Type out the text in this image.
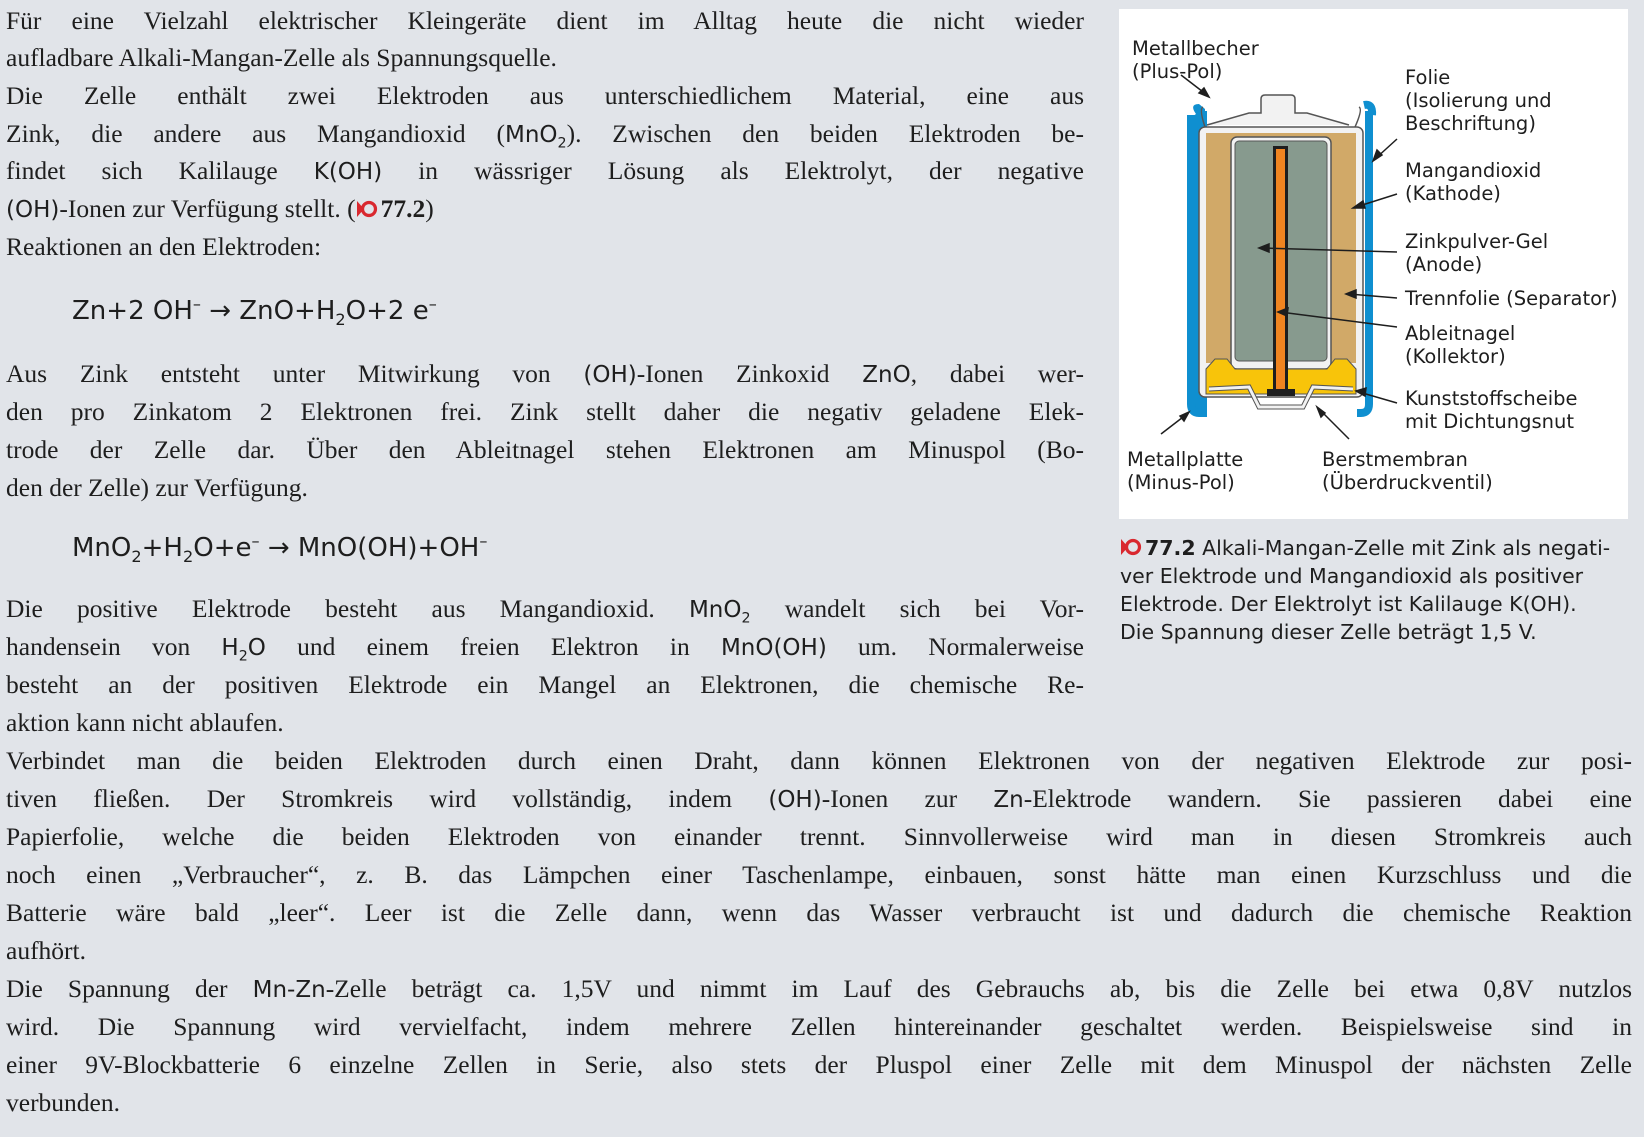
Für eine Vielzahl elektrischer Kleingeräte dient im Alltag heute die nicht wieder
aufladbare Alkali-Mangan-Zelle als Spannungsquelle.
Die Zelle enthält zwei Elektroden aus unterschiedlichem Material, eine aus
Zink, die andere aus Mangandioxid (MnO$_2$). Zwischen den beiden Elektroden be-
findet sich Kalilauge K(OH) in wässriger Lösung als Elektrolyt, der negative
(OH)-Ionen zur Verfügung stellt. ( 77.2)
Reaktionen an den Elektroden:
Zn+2 $OH^- \to ZnO+H_2O+2$ e–
Aus Zink entsteht unter Mitwirkung von (OH)-Ionen Zinkoxid ZnO, dabei wer-
den pro Zinkatom 2 Elektronen frei. Zink stellt daher die negativ geladene Elek-
trode der Zelle dar. Über den Ableitnagel stehen Elektronen am Minuspol (Bo-
den der Zelle) zur Verfügung.
$MnO_2+H_2O+e^- \to MnO(OH)+OH^-$
Die positive Elektrode besteht aus Mangandioxid. MnO$_2$ wandelt sich bei Vor-
handensein von $H_2O$ und einem freien Elektron in MnO(OH) um. Normalerweise
besteht an der positiven Elektrode ein Mangel an Elektronen, die chemische Re-
aktion kann nicht ablaufen.
Verbindet man die beiden Elektroden durch einen Draht, dann können Elektronen von der negativen Elektrode zur posi-
tiven fließen. Der Stromkreis wird vollständig, indem (OH)-Ionen zur Zn-Elektrode wandern. Sie passieren dabei eine
Papierfolie, welche die beiden Elektroden von einander trennt. Sinnvollerweise wird man in diesen Stromkreis auch
noch einen „Verbraucher“, z. B. das Lämpchen einer Taschenlampe, einbauen, sonst hätte man einen Kurzschluss und die
Batterie wäre bald „leer“. Leer ist die Zelle dann, wenn das Wasser verbraucht ist und dadurch die chemische Reaktion
aufhört.
Die Spannung der Mn-Zn-Zelle beträgt ca. 1,5V und nimmt im Lauf des Gebrauchs ab, bis die Zelle bei etwa 0,8V nutzlos
wird. Die Spannung wird vervielfacht, indem mehrere Zellen hintereinander geschaltet werden. Beispielsweise sind in
einer 9V-Blockbatterie 6 einzelne Zellen in Serie, also stets der Pluspol einer Zelle mit dem Minuspol der nächsten Zelle
verbunden.
Metallbecher
(Plus-Pol)	Folie
(Isolierung und
Beschriftung)
Mangandioxid
(Kathode)
Zinkpulver-Gel
(Anode)
Trennfolie (Separator)
Ableitnagel
(Kollektor)
Kunststoffscheibe
mit Dichtungsnut
Metallplatte
(Minus-Pol)
Berstmembran
(Überdruckventil)
77.2 Alkali-Mangan-Zelle mit Zink als negati-
ver Elektrode und Mangandioxid als positiver
Elektrode. Der Elektrolyt ist Kalilauge K(OH).
Die Spannung dieser Zelle beträgt 1,5 V.
